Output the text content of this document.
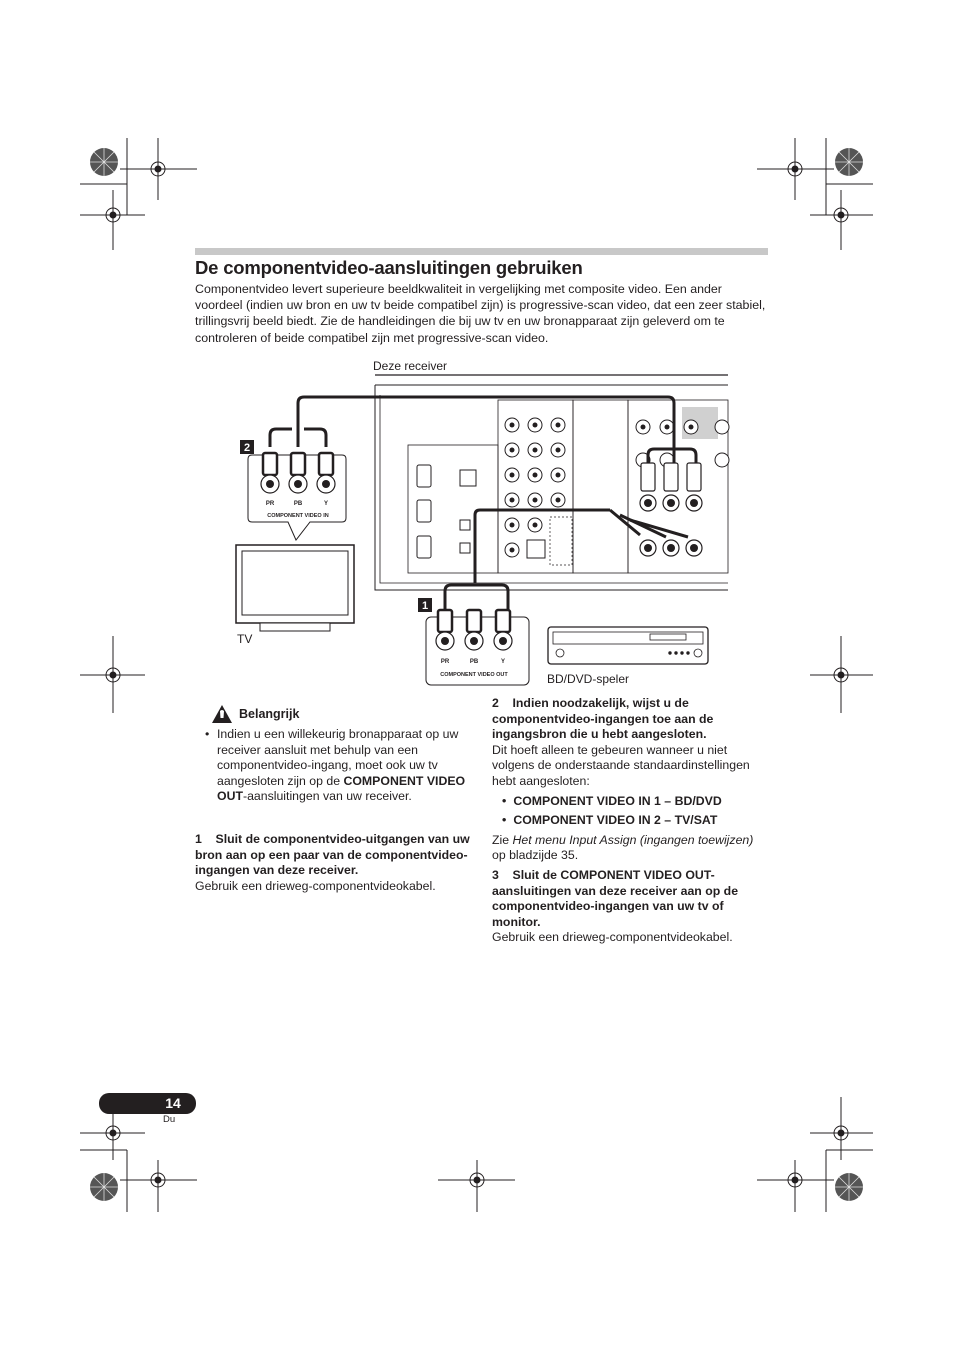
De componentvideo-aansluitingen gebruiken
Componentvideo levert superieure beeldkwaliteit in vergelijking met composite video. Een ander voordeel (indien uw bron en uw tv beide compatibel zijn) is progressive-scan video, dat een zeer stabiel, trillingsvrij beeld biedt. Zie de handleidingen die bij uw tv en uw bronapparaat zijn geleverd om te controleren of beide compatibel zijn met progressive-scan video.
2
PR	PB	Y
COMPONENT VIDEO IN
1
PR	PB	Y
COMPONENT VIDEO OUT
Deze receiver
TV
BD/DVD-speler
Belangrijk
• Indien u een willekeurig bronapparaat op uw receiver aansluit met behulp van een componentvideo-ingang, moet ook uw tv aangesloten zijn op de COMPONENT VIDEO OUT-aansluitingen van uw receiver.

1    Sluit de componentvideo-uitgangen van uw bron aan op een paar van de componentvideo-ingangen van deze receiver.

Gebruik een drieweg-componentvideokabel.

2    Indien noodzakelijk, wijst u de componentvideo-ingangen toe aan de ingangsbron die u hebt aangesloten.

Dit hoeft alleen te gebeuren wanneer u niet volgens de onderstaande standaardinstellingen hebt aangesloten:

• COMPONENT VIDEO IN 1 – BD/DVD
• COMPONENT VIDEO IN 2 – TV/SAT

Zie Het menu Input Assign (ingangen toewijzen) op bladzijde 35.

3    Sluit de COMPONENT VIDEO OUT-aansluitingen van deze receiver aan op de componentvideo-ingangen van uw tv of monitor.

Gebruik een drieweg-componentvideokabel.

14
Du
